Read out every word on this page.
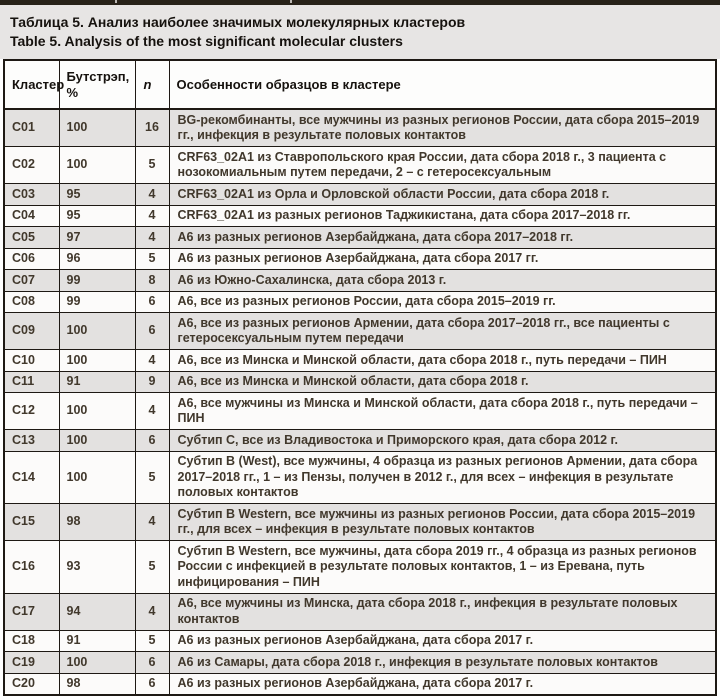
Таблица 5. Анализ наиболее значимых молекулярных кластеров

Table 5. Analysis of the most significant molecular clusters

Кластер	Бутстрэп, %	n	Особенности образцов в кластере
C01	100	16	BG-рекомбинанты, все мужчины из разных регионов России, дата сбора 2015–2019 гг., инфекция в результате половых контактов
C02	100	5	CRF63_02A1 из Ставропольского края России, дата сбора 2018 г., 3 пациента с нозокомиальным путем передачи, 2 – с гетеросексуальным
C03	95	4	CRF63_02A1 из Орла и Орловской области России, дата сбора 2018 г.
C04	95	4	CRF63_02A1 из разных регионов Таджикистана, дата сбора 2017–2018 гг.
C05	97	4	А6 из разных регионов Азербайджана, дата сбора 2017–2018 гг.
C06	96	5	А6 из разных регионов Азербайджана, дата сбора 2017 гг.
C07	99	8	А6 из Южно-Сахалинска, дата сбора 2013 г.
C08	99	6	А6, все из разных регионов России, дата сбора 2015–2019 гг.
C09	100	6	А6, все из разных регионов Армении, дата сбора 2017–2018 гг., все пациенты с гетеросексуальным путем передачи
C10	100	4	А6, все из Минска и Минской области, дата сбора 2018 г., путь передачи – ПИН
C11	91	9	А6, все из Минска и Минской области, дата сбора 2018 г.
C12	100	4	А6, все мужчины из Минска и Минской области, дата сбора 2018 г., путь передачи – ПИН
C13	100	6	Субтип С, все из Владивостока и Приморского края, дата сбора 2012 г.
C14	100	5	Субтип В (West), все мужчины, 4 образца из разных регионов Армении, дата сбора 2017–2018 гг., 1 – из Пензы, получен в 2012 г., для всех – инфекция в результате половых контактов
C15	98	4	Субтип В Western, все мужчины из разных регионов России, дата сбора 2015–2019 гг., для всех – инфекция в результате половых контактов
C16	93	5	Субтип В Western, все мужчины, дата сбора 2019 гг., 4 образца из разных регионов России с инфекцией в результате половых контактов, 1 – из Еревана, путь инфицирования – ПИН
C17	94	4	А6, все мужчины из Минска, дата сбора 2018 г., инфекция в результате половых контактов
C18	91	5	А6 из разных регионов Азербайджана, дата сбора 2017 г.
C19	100	6	А6 из Самары, дата сбора 2018 г., инфекция в результате половых контактов
C20	98	6	А6 из разных регионов Азербайджана, дата сбора 2017 г.
